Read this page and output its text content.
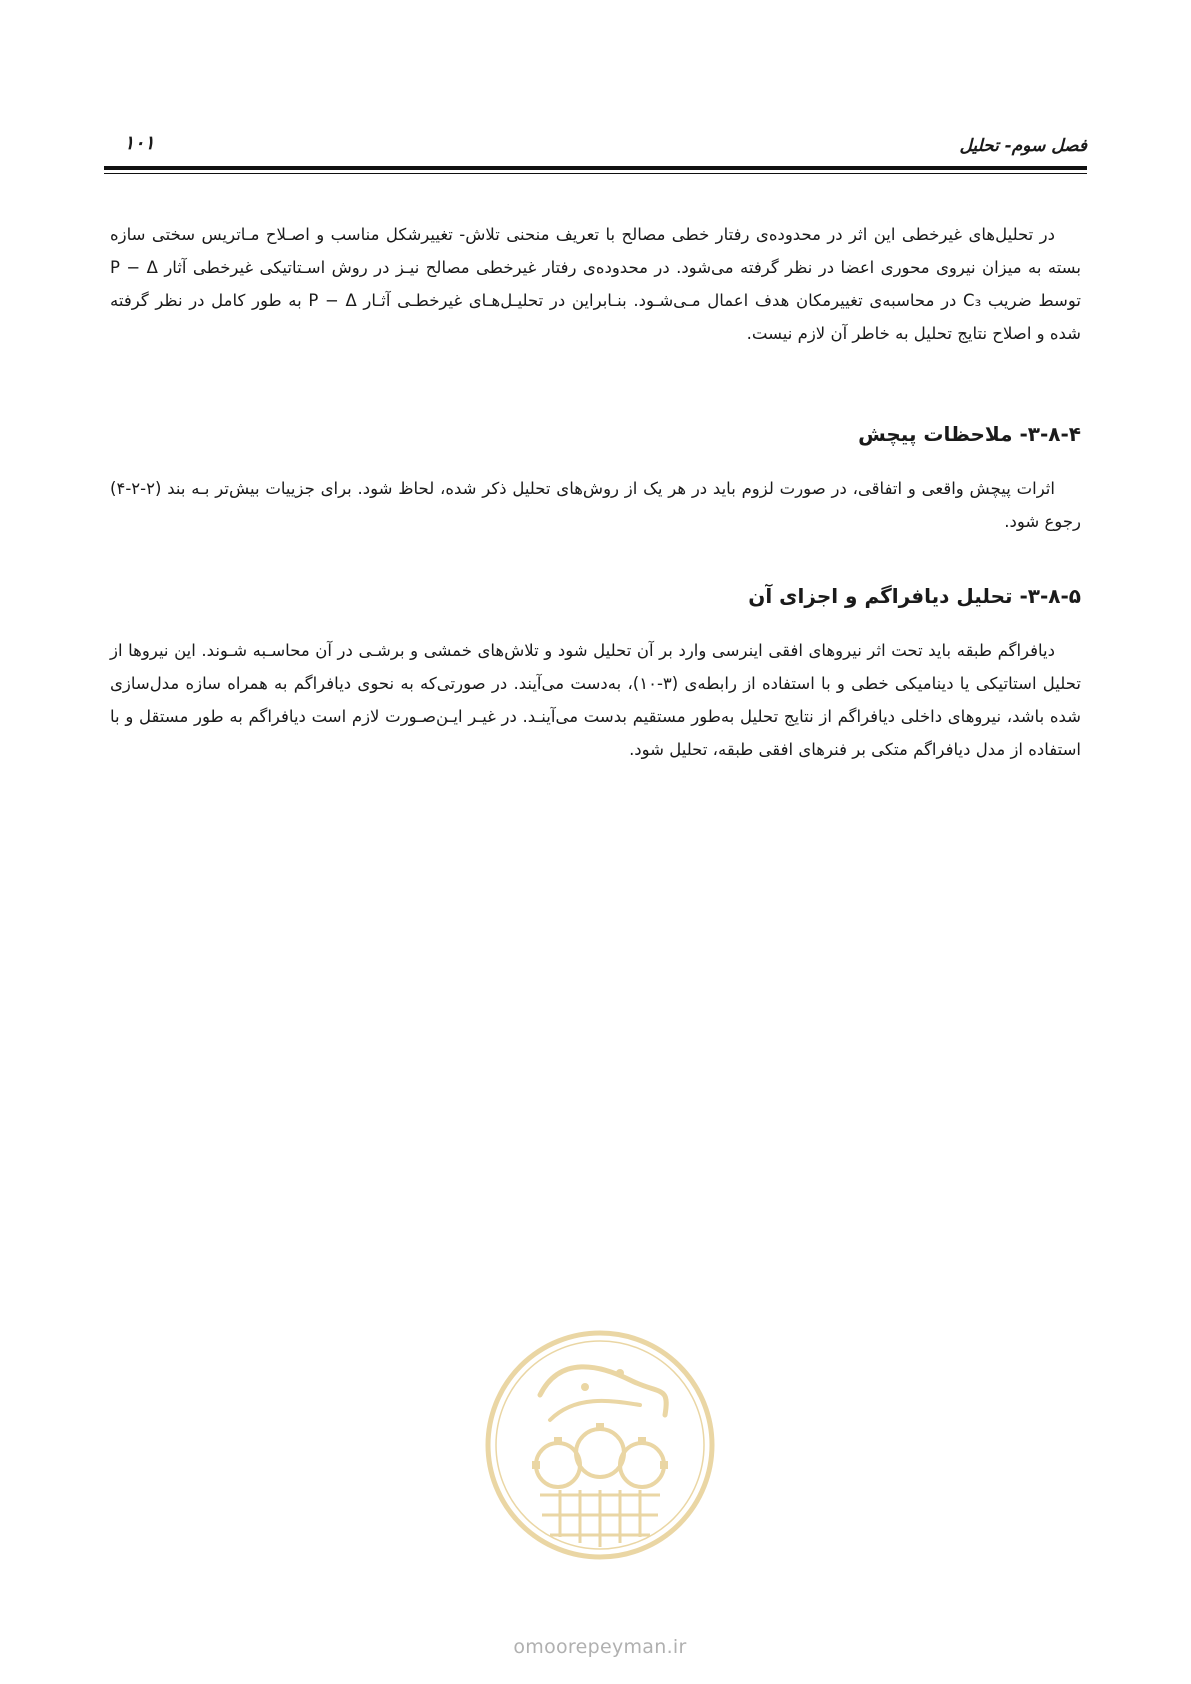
۱۰۱	فصل سوم- تحلیل

در تحلیل‌های غیرخطی این اثر در محدوده‌ی رفتار خطی مصالح با تعریف منحنی تلاش- تغییرشکل مناسب و اصـلاح مـاتریس سختی سازه بسته به میزان نیروی محوری اعضا در نظر گرفته می‌شود. در محدوده‌ی رفتار غیرخطی مصالح نیـز در روش اسـتاتیکی غیرخطی آثار P − Δ توسط ضریب C₃ در محاسبه‌ی تغییرمکان هدف اعمال مـی‌شـود. بنـابراین در تحلیـل‌هـای غیرخطـی آثـار P − Δ به طور کامل در نظر گرفته شده و اصلاح نتایج تحلیل به خاطر آن لازم نیست.

۳-۸-۴- ملاحظات پیچش

اثرات پیچش واقعی و اتفاقی، در صورت لزوم باید در هر یک از روش‌های تحلیل ذکر شده، لحاظ شود. برای جزییات بیش‌تر بـه بند (۲-۲-۴) رجوع شود.

۳-۸-۵- تحلیل دیافراگم و اجزای آن

دیافراگم طبقه باید تحت اثر نیروهای افقی اینرسی وارد بر آن تحلیل شود و تلاش‌های خمشی و برشـی در آن محاسـبه شـوند. این نیروها از تحلیل استاتیکی یا دینامیکی خطی و با استفاده از رابطه‌ی (۳-۱۰)، به‌دست می‌آیند. در صورتی‌که به نحوی دیافراگم به همراه سازه مدل‌سازی شده باشد، نیروهای داخلی دیافراگم از نتایج تحلیل به‌طور مستقیم بدست می‌آینـد. در غیـر ایـن‌صـورت لازم است دیافراگم به طور مستقل و با استفاده از مدل دیافراگم متکی بر فنرهای افقی طبقه، تحلیل شود.

omoorepeyman.ir
